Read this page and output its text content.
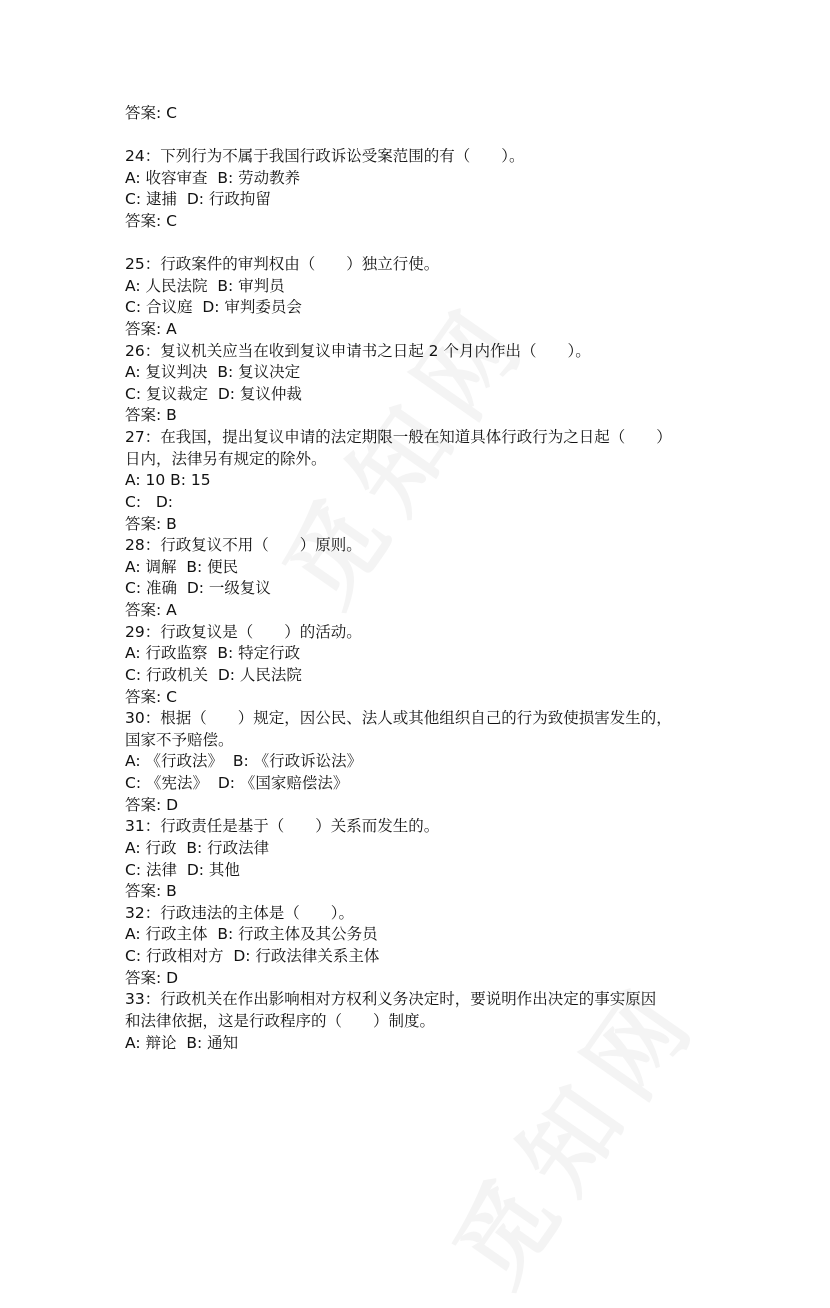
答案: C
24：下列行为不属于我国行政诉讼受案范围的有（　　）。
A: 收容审查  B: 劳动教养
C: 逮捕  D: 行政拘留
答案: C
25：行政案件的审判权由（　　）独立行使。
A: 人民法院  B: 审判员
C: 合议庭  D: 审判委员会
答案: A
26：复议机关应当在收到复议申请书之日起 2 个月内作出（　　）。
A: 复议判决  B: 复议决定
C: 复议裁定  D: 复议仲裁
答案: B
27：在我国，提出复议申请的法定期限一般在知道具体行政行为之日起（　　）
日内，法律另有规定的除外。
A: 10 B: 15
C:   D:
答案: B
28：行政复议不用（　　）原则。
A: 调解  B: 便民
C: 准确  D: 一级复议
答案: A
29：行政复议是（　　）的活动。
A: 行政监察  B: 特定行政
C: 行政机关  D: 人民法院
答案: C
30：根据（　　）规定，因公民、法人或其他组织自己的行为致使损害发生的，
国家不予赔偿。
A: 《行政法》  B: 《行政诉讼法》
C: 《宪法》  D: 《国家赔偿法》
答案: D
31：行政责任是基于（　　）关系而发生的。
A: 行政  B: 行政法律
C: 法律  D: 其他
答案: B
32：行政违法的主体是（　　）。
A: 行政主体  B: 行政主体及其公务员
C: 行政相对方  D: 行政法律关系主体
答案: D
33：行政机关在作出影响相对方权利义务决定时，要说明作出决定的事实原因
和法律依据，这是行政程序的（　　）制度。
A: 辩论  B: 通知
